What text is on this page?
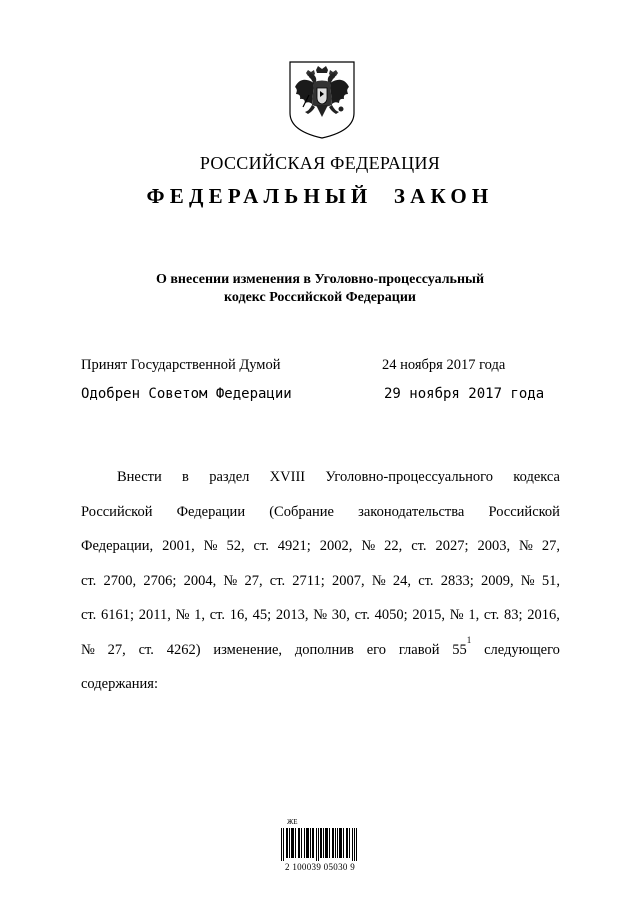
РОССИЙСКАЯ ФЕДЕРАЦИЯ
ФЕДЕРАЛЬНЫЙ ЗАКОН
О внесении изменения в Уголовно-процессуальный
кодекс Российской Федерации
Принят Государственной Думой	24 ноября 2017 года
Одобрен Советом Федерации	29 ноября 2017 года
Внести в раздел XVIII Уголовно-процессуального кодекса
Российской Федерации (Собрание законодательства Российской
Федерации, 2001, № 52, ст. 4921; 2002, № 22, ст. 2027; 2003, № 27,
ст. 2700, 2706; 2004, № 27, ст. 2711; 2007, № 24, ст. 2833; 2009, № 51,
ст. 6161; 2011, № 1, ст. 16, 45; 2013, № 30, ст. 4050; 2015, № 1, ст. 83; 2016,
№ 27, ст. 4262) изменение, дополнив его главой $55^1$
следующего
содержания:
ЖЕ
2 100039 05030 9
